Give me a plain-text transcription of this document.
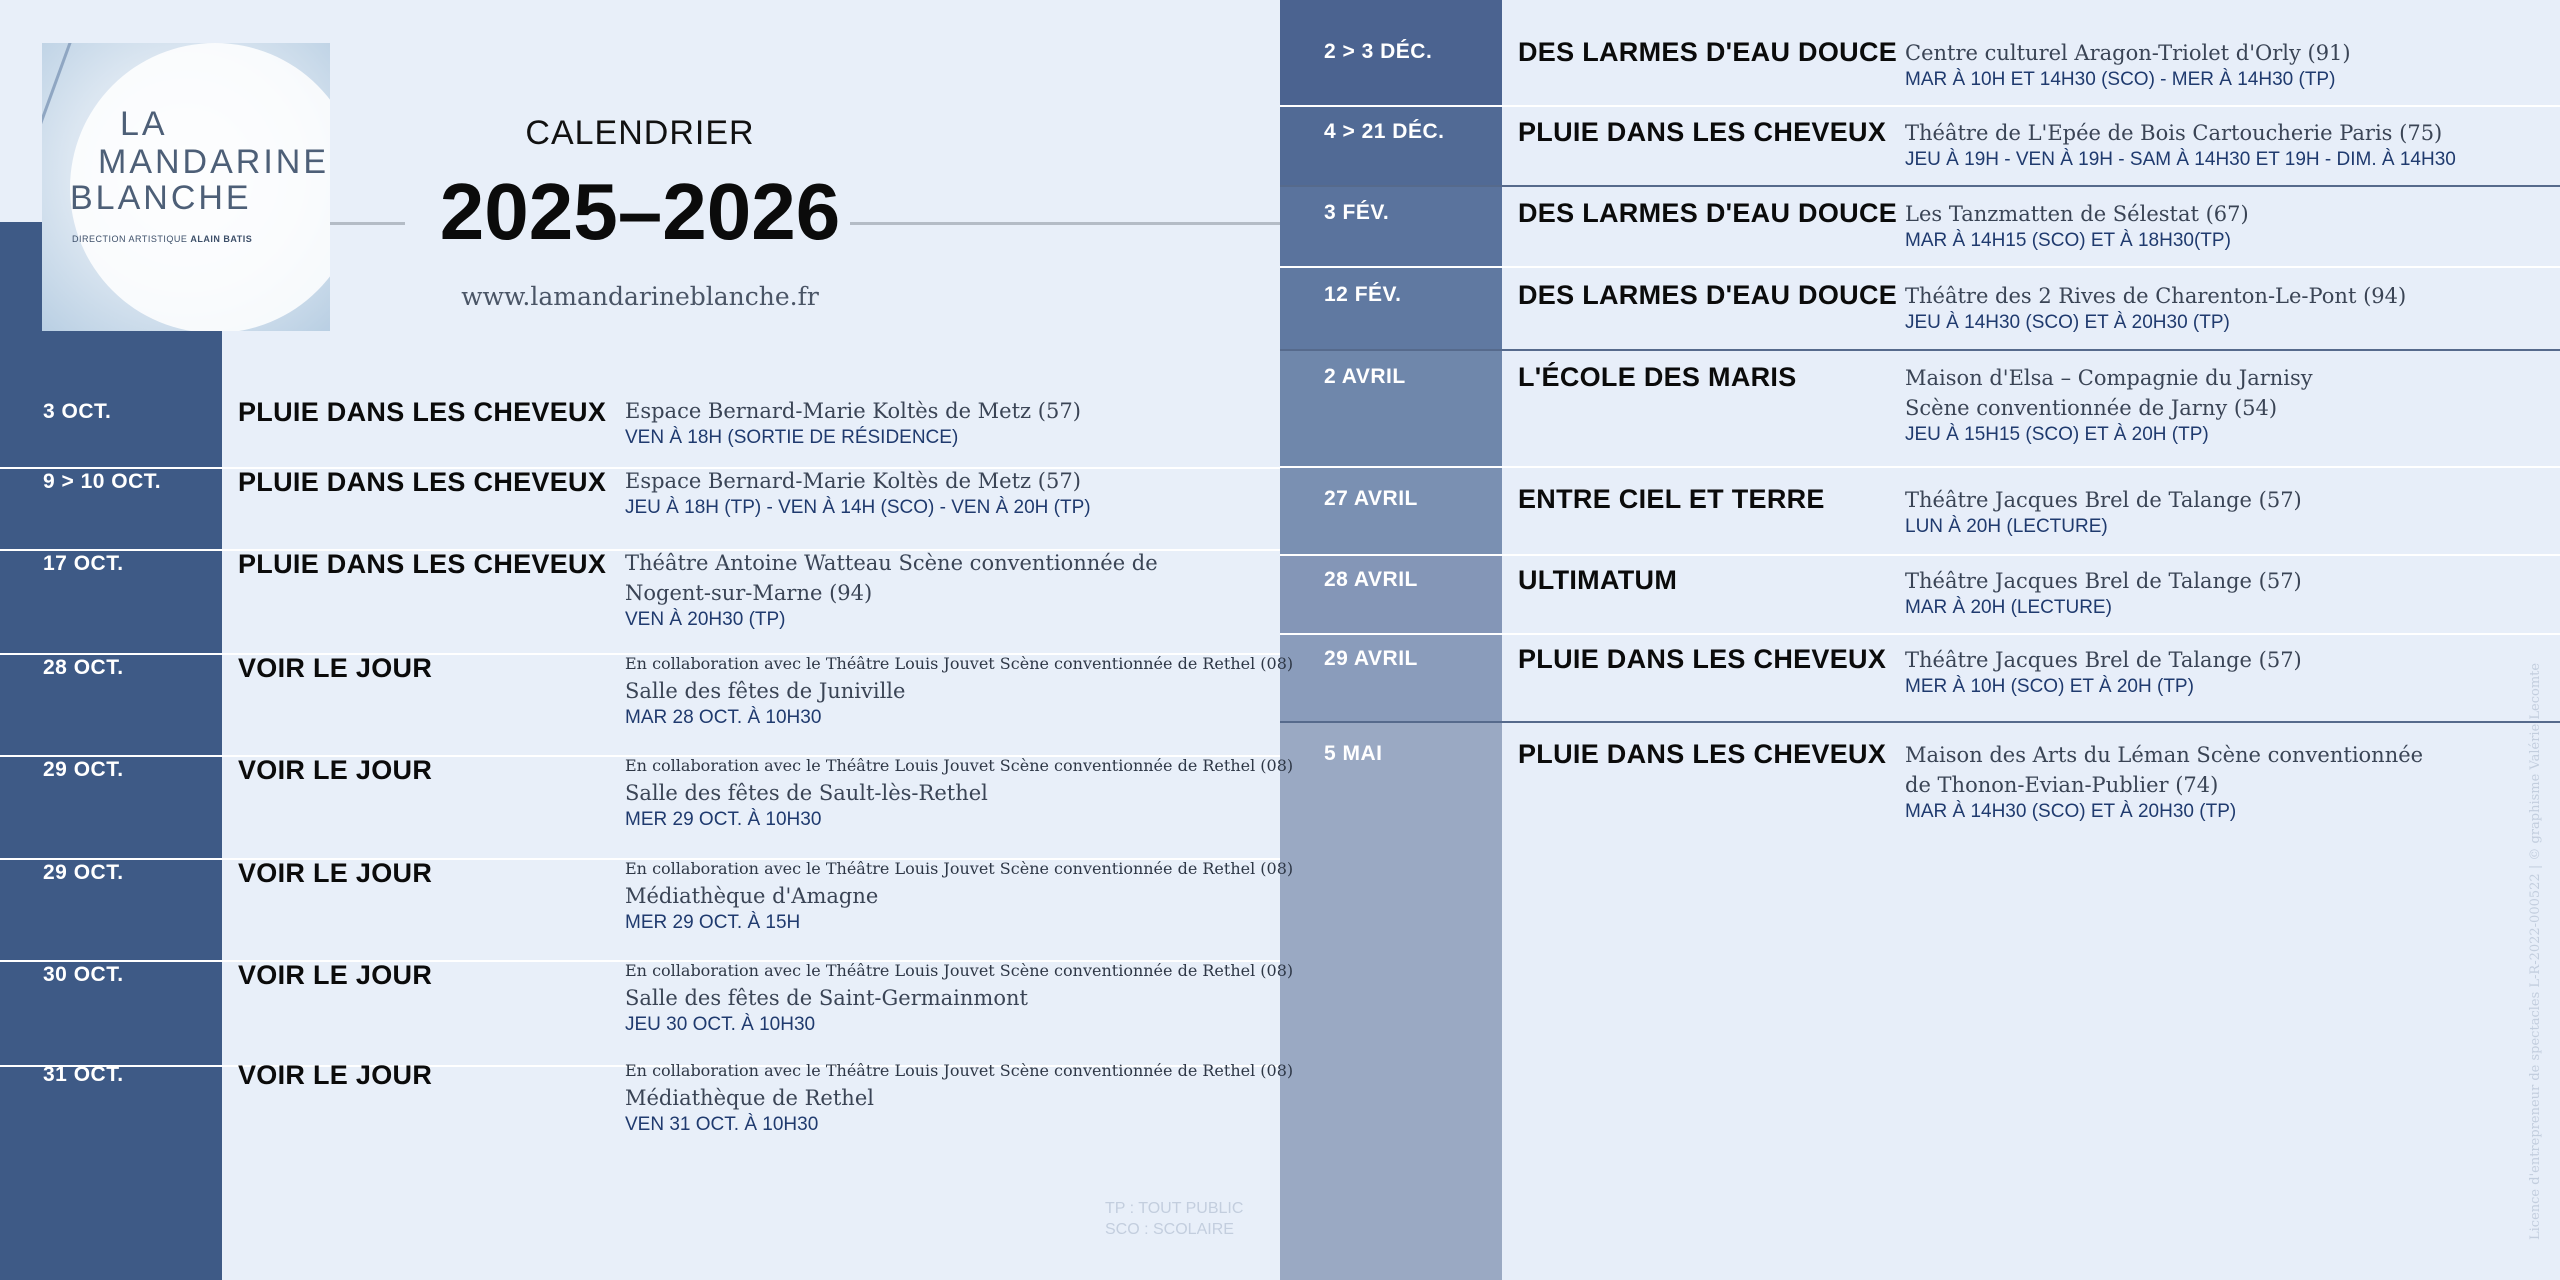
LA
MANDARINE
BLANCHE
DIRECTION ARTISTIQUE ALAIN BATIS
CALENDRIER
2025–2026
www.lamandarineblanche.fr
3 OCT.	PLUIE DANS LES CHEVEUX Espace Bernard-Marie Koltès de Metz (57)
VEN À 18H (SORTIE DE RÉSIDENCE)
9 > 10 OCT.	PLUIE DANS LES CHEVEUX Espace Bernard-Marie Koltès de Metz (57)
JEU À 18H (TP) - VEN À 14H (SCO) - VEN À 20H (TP)
17 OCT.	PLUIE DANS LES CHEVEUX Théâtre Antoine Watteau Scène conventionnée de
Nogent-sur-Marne (94)
VEN À 20H30 (TP)
28 OCT.	VOIR LE JOUR	En collaboration avec le Théâtre Louis Jouvet Scène conventionnée de Rethel (08)
Salle des fêtes de Juniville
MAR 28 OCT. À 10H30
29 OCT.	VOIR LE JOUR	En collaboration avec le Théâtre Louis Jouvet Scène conventionnée de Rethel (08)
Salle des fêtes de Sault-lès-Rethel
MER 29 OCT. À 10H30
29 OCT.	VOIR LE JOUR	En collaboration avec le Théâtre Louis Jouvet Scène conventionnée de Rethel (08)
Médiathèque d'Amagne
MER 29 OCT. À 15H
30 OCT.	VOIR LE JOUR	En collaboration avec le Théâtre Louis Jouvet Scène conventionnée de Rethel (08)
Salle des fêtes de Saint-Germainmont
JEU 30 OCT. À 10H30
31 OCT.	VOIR LE JOUR	En collaboration avec le Théâtre Louis Jouvet Scène conventionnée de Rethel (08)
Médiathèque de Rethel
VEN 31 OCT. À 10H30
2 > 3 DÉC.	DES LARMES D'EAU DOUCE Centre culturel Aragon-Triolet d'Orly (91)
MAR À 10H ET 14H30 (SCO) - MER À 14H30 (TP)
4 > 21 DÉC.	PLUIE DANS LES CHEVEUX Théâtre de L'Epée de Bois Cartoucherie Paris (75)
JEU À 19H - VEN À 19H - SAM À 14H30 ET 19H - DIM. À 14H30
3 FÉV.	DES LARMES D'EAU DOUCE Les Tanzmatten de Sélestat (67)
MAR À 14H15 (SCO) ET À 18H30(TP)
12 FÉV.	DES LARMES D'EAU DOUCE Théâtre des 2 Rives de Charenton-Le-Pont (94)
JEU À 14H30 (SCO) ET À 20H30 (TP)
2 AVRIL	L'ÉCOLE DES MARIS	Maison d'Elsa – Compagnie du Jarnisy
Scène conventionnée de Jarny (54)
JEU À 15H15 (SCO) ET À 20H (TP)
27 AVRIL	ENTRE CIEL ET TERRE	Théâtre Jacques Brel de Talange (57)
LUN À 20H (LECTURE)
28 AVRIL	ULTIMATUM	Théâtre Jacques Brel de Talange (57)
MAR À 20H (LECTURE)
29 AVRIL	PLUIE DANS LES CHEVEUX Théâtre Jacques Brel de Talange (57)
MER À 10H (SCO) ET À 20H (TP)
5 MAI	PLUIE DANS LES CHEVEUX Maison des Arts du Léman Scène conventionnée
de Thonon-Evian-Publier (74)
MAR À 14H30 (SCO) ET À 20H30 (TP)
TP : TOUT PUBLIC
SCO : SCOLAIRE	Licence d'entrepreneur de spectacles L-R-2022-000522 | © graphisme Valérie Lecomte
